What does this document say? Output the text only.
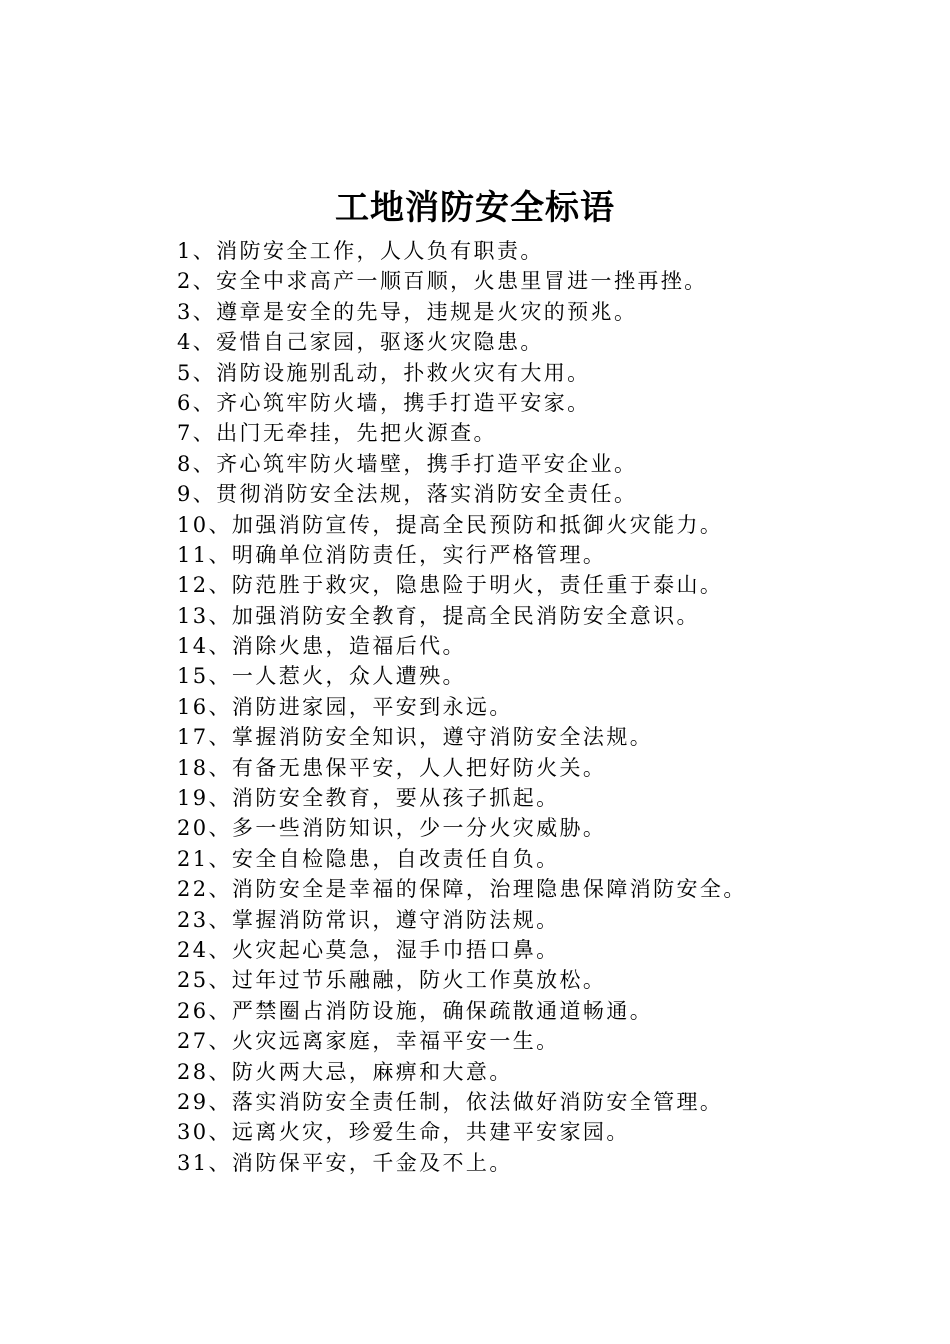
工地消防安全标语
1、消防安全工作，人人负有职责。
2、安全中求高产一顺百顺，火患里冒进一挫再挫。
3、遵章是安全的先导，违规是火灾的预兆。
4、爱惜自己家园，驱逐火灾隐患。
5、消防设施别乱动，扑救火灾有大用。
6、齐心筑牢防火墙，携手打造平安家。
7、出门无牵挂，先把火源查。
8、齐心筑牢防火墙壁，携手打造平安企业。
9、贯彻消防安全法规，落实消防安全责任。
10、加强消防宣传，提高全民预防和抵御火灾能力。
11、明确单位消防责任，实行严格管理。
12、防范胜于救灾，隐患险于明火，责任重于泰山。
13、加强消防安全教育，提高全民消防安全意识。
14、消除火患，造福后代。
15、一人惹火，众人遭殃。
16、消防进家园，平安到永远。
17、掌握消防安全知识，遵守消防安全法规。
18、有备无患保平安，人人把好防火关。
19、消防安全教育，要从孩子抓起。
20、多一些消防知识，少一分火灾威胁。
21、安全自检隐患，自改责任自负。
22、消防安全是幸福的保障，治理隐患保障消防安全。
23、掌握消防常识，遵守消防法规。
24、火灾起心莫急，湿手巾捂口鼻。
25、过年过节乐融融，防火工作莫放松。
26、严禁圈占消防设施，确保疏散通道畅通。
27、火灾远离家庭，幸福平安一生。
28、防火两大忌，麻痹和大意。
29、落实消防安全责任制，依法做好消防安全管理。
30、远离火灾，珍爱生命，共建平安家园。
31、消防保平安，千金及不上。
